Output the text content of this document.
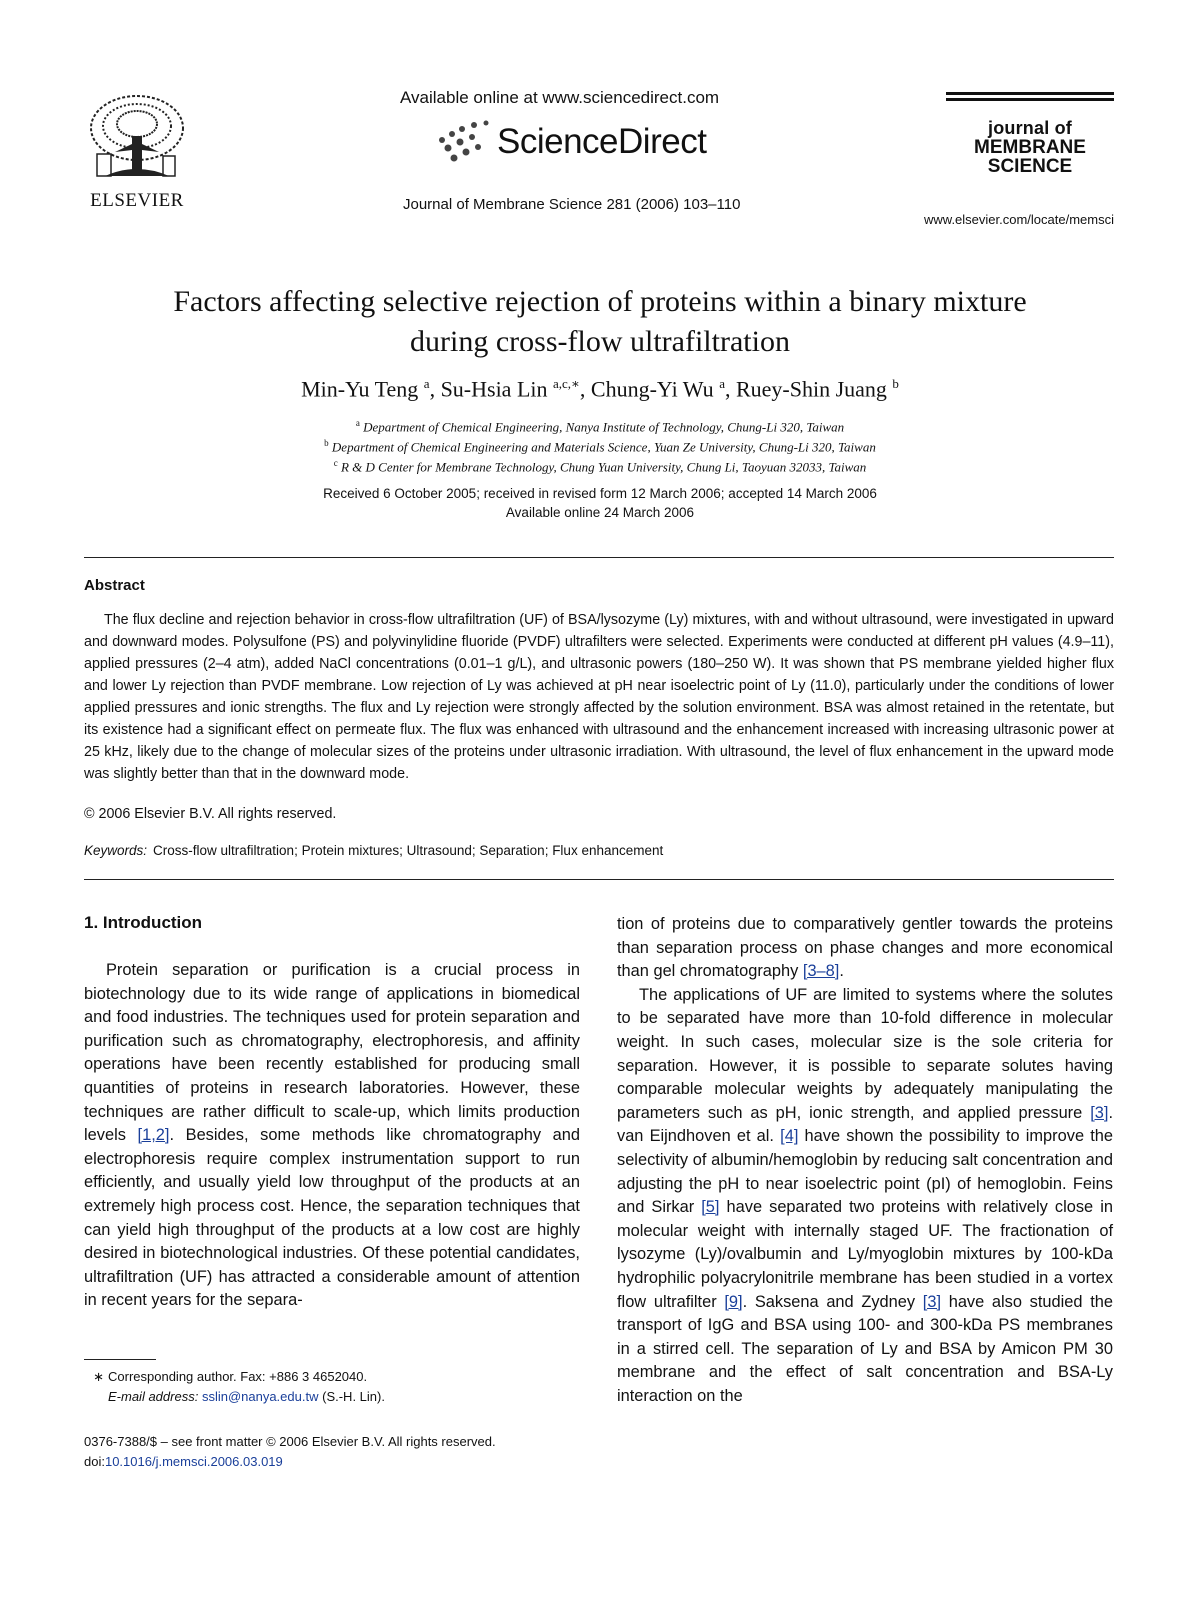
ELSEVIER
Available online at www.sciencedirect.com
ScienceDirect
Journal of Membrane Science 281 (2006) 103–110
journal of
MEMBRANE
SCIENCE
www.elsevier.com/locate/memsci
Factors affecting selective rejection of proteins within a binary mixture
during cross-flow ultrafiltration
Min-Yu Teng $^a$, Su-Hsia Lin $^{a,c,∗}$, Chung-Yi Wu $^a$, Ruey-Shin Juang $^b$
$^a$ Department of Chemical Engineering, Nanya Institute of Technology, Chung-Li 320, Taiwan
$^b$ Department of Chemical Engineering and Materials Science, Yuan Ze University, Chung-Li 320, Taiwan
$^c$ R & D Center for Membrane Technology, Chung Yuan University, Chung Li, Taoyuan 32033, Taiwan
Received 6 October 2005; received in revised form 12 March 2006; accepted 14 March 2006
Available online 24 March 2006
Abstract

The flux decline and rejection behavior in cross-flow ultrafiltration (UF) of BSA/lysozyme (Ly) mixtures, with and without ultrasound, were investigated in upward and downward modes. Polysulfone (PS) and polyvinylidine fluoride (PVDF) ultrafilters were selected. Experiments were conducted at different pH values (4.9–11), applied pressures (2–4 atm), added NaCl concentrations (0.01–1 g/L), and ultrasonic powers (180–250 W). It was shown that PS membrane yielded higher flux and lower Ly rejection than PVDF membrane. Low rejection of Ly was achieved at pH near isoelectric point of Ly (11.0), particularly under the conditions of lower applied pressures and ionic strengths. The flux and Ly rejection were strongly affected by the solution environment. BSA was almost retained in the retentate, but its existence had a significant effect on permeate flux. The flux was enhanced with ultrasound and the enhancement increased with increasing ultrasonic power at 25 kHz, likely due to the change of molecular sizes of the proteins under ultrasonic irradiation. With ultrasound, the level of flux enhancement in the upward mode was slightly better than that in the downward mode.

© 2006 Elsevier B.V. All rights reserved.
Keywords: Cross-flow ultrafiltration; Protein mixtures; Ultrasound; Separation; Flux enhancement
1. Introduction

Protein separation or purification is a crucial process in biotechnology due to its wide range of applications in biomedical and food industries. The techniques used for protein separation and purification such as chromatography, electrophoresis, and affinity operations have been recently established for producing small quantities of proteins in research laboratories. However, these techniques are rather difficult to scale-up, which limits production levels [1,2]. Besides, some methods like chromatography and electrophoresis require complex instrumentation support to run efficiently, and usually yield low throughput of the products at an extremely high process cost. Hence, the separation techniques that can yield high throughput of the products at a low cost are highly desired in biotechnological industries. Of these potential candidates, ultrafiltration (UF) has attracted a considerable amount of attention in recent years for the separa-

tion of proteins due to comparatively gentler towards the proteins than separation process on phase changes and more economical than gel chromatography [3–8].

The applications of UF are limited to systems where the solutes to be separated have more than 10-fold difference in molecular weight. In such cases, molecular size is the sole criteria for separation. However, it is possible to separate solutes having comparable molecular weights by adequately manipulating the parameters such as pH, ionic strength, and applied pressure [3]. van Eijndhoven et al. [4] have shown the possibility to improve the selectivity of albumin/hemoglobin by reducing salt concentration and adjusting the pH to near isoelectric point (pI) of hemoglobin. Feins and Sirkar [5] have separated two proteins with relatively close in molecular weight with internally staged UF. The fractionation of lysozyme (Ly)/ovalbumin and Ly/myoglobin mixtures by 100-kDa hydrophilic polyacrylonitrile membrane has been studied in a vortex flow ultrafilter [9]. Saksena and Zydney [3] have also studied the transport of IgG and BSA using 100- and 300-kDa PS membranes in a stirred cell. The separation of Ly and BSA by Amicon PM 30 membrane and the effect of salt concentration and BSA-Ly interaction on the

∗ Corresponding author. Fax: +886 3 4652040.
E-mail address: sslin@nanya.edu.tw (S.-H. Lin).
0376-7388/$ – see front matter © 2006 Elsevier B.V. All rights reserved.
doi:10.1016/j.memsci.2006.03.019
